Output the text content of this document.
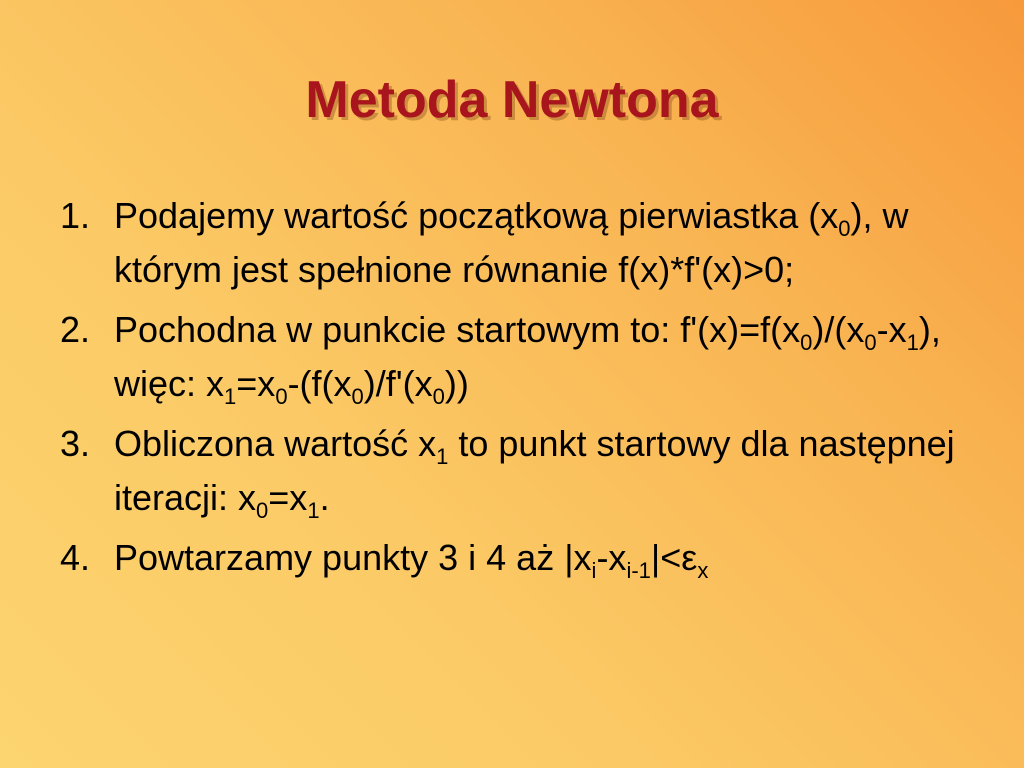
Metoda Newtona
1. Podajemy wartość początkową pierwiastka $(x_0)$, w którym jest spełnione równanie f(x)*f'(x)>0;
2. Pochodna w punkcie startowym to: $f'(x)=f(x_0)/(x_0-x_1)$, więc: $x_1=x_0-(f(x_0)/f'(x_0))$
3. Obliczona wartość $x_1$ to punkt startowy dla następnej iteracji: $x_0=x_1$.
4. Powtarzamy punkty 3 i 4 aż $|x_i-x_{i-1}|<\varepsilon_x$
